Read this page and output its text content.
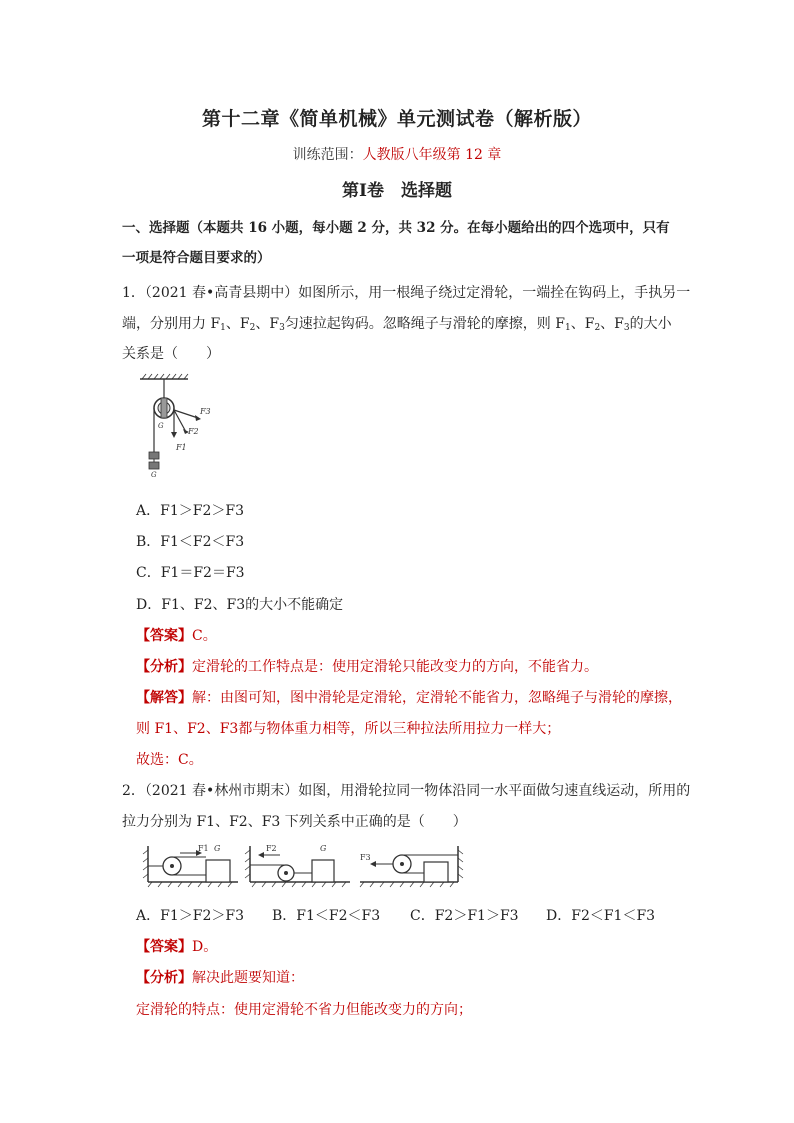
第十二章《简单机械》单元测试卷（解析版）
训练范围：人教版八年级第 12 章
第Ⅰ卷　选择题
一、选择题（本题共 16 小题，每小题 2 分，共 32 分。在每小题给出的四个选项中，只有
一项是符合题目要求的）
1．（2021 春•高青县期中）如图所示，用一根绳子绕过定滑轮，一端拴在钩码上，手执另一
端，分别用力 $F_1$、$F_2$、$F_3$匀速拉起钩码。忽略绳子与滑轮的摩擦，则 $F_1$、$F_2$、$F_3$的大小
关系是（　　）
F3
F2
F1
G
G
A．F1＞F2＞F3
B．F1＜F2＜F3
C．F1＝F2＝F3
D．F1、F2、F3的大小不能确定
【答案】C。
【分析】定滑轮的工作特点是：使用定滑轮只能改变力的方向，不能省力。
【解答】解：由图可知，图中滑轮是定滑轮，定滑轮不能省力，忽略绳子与滑轮的摩擦，
则 F1、F2、F3都与物体重力相等，所以三种拉法所用拉力一样大；
故选：C。
2．（2021 春•林州市期末）如图，用滑轮拉同一物体沿同一水平面做匀速直线运动，所用的
拉力分别为 F1、F2、F3 下列关系中正确的是（　　）
F1 G	F2	G
F3
A．F1＞F2＞F3 B．F1＜F2＜F3 C．F2＞F1＞F3 D．F2＜F1＜F3
【答案】D。
【分析】解决此题要知道：
定滑轮的特点：使用定滑轮不省力但能改变力的方向；
